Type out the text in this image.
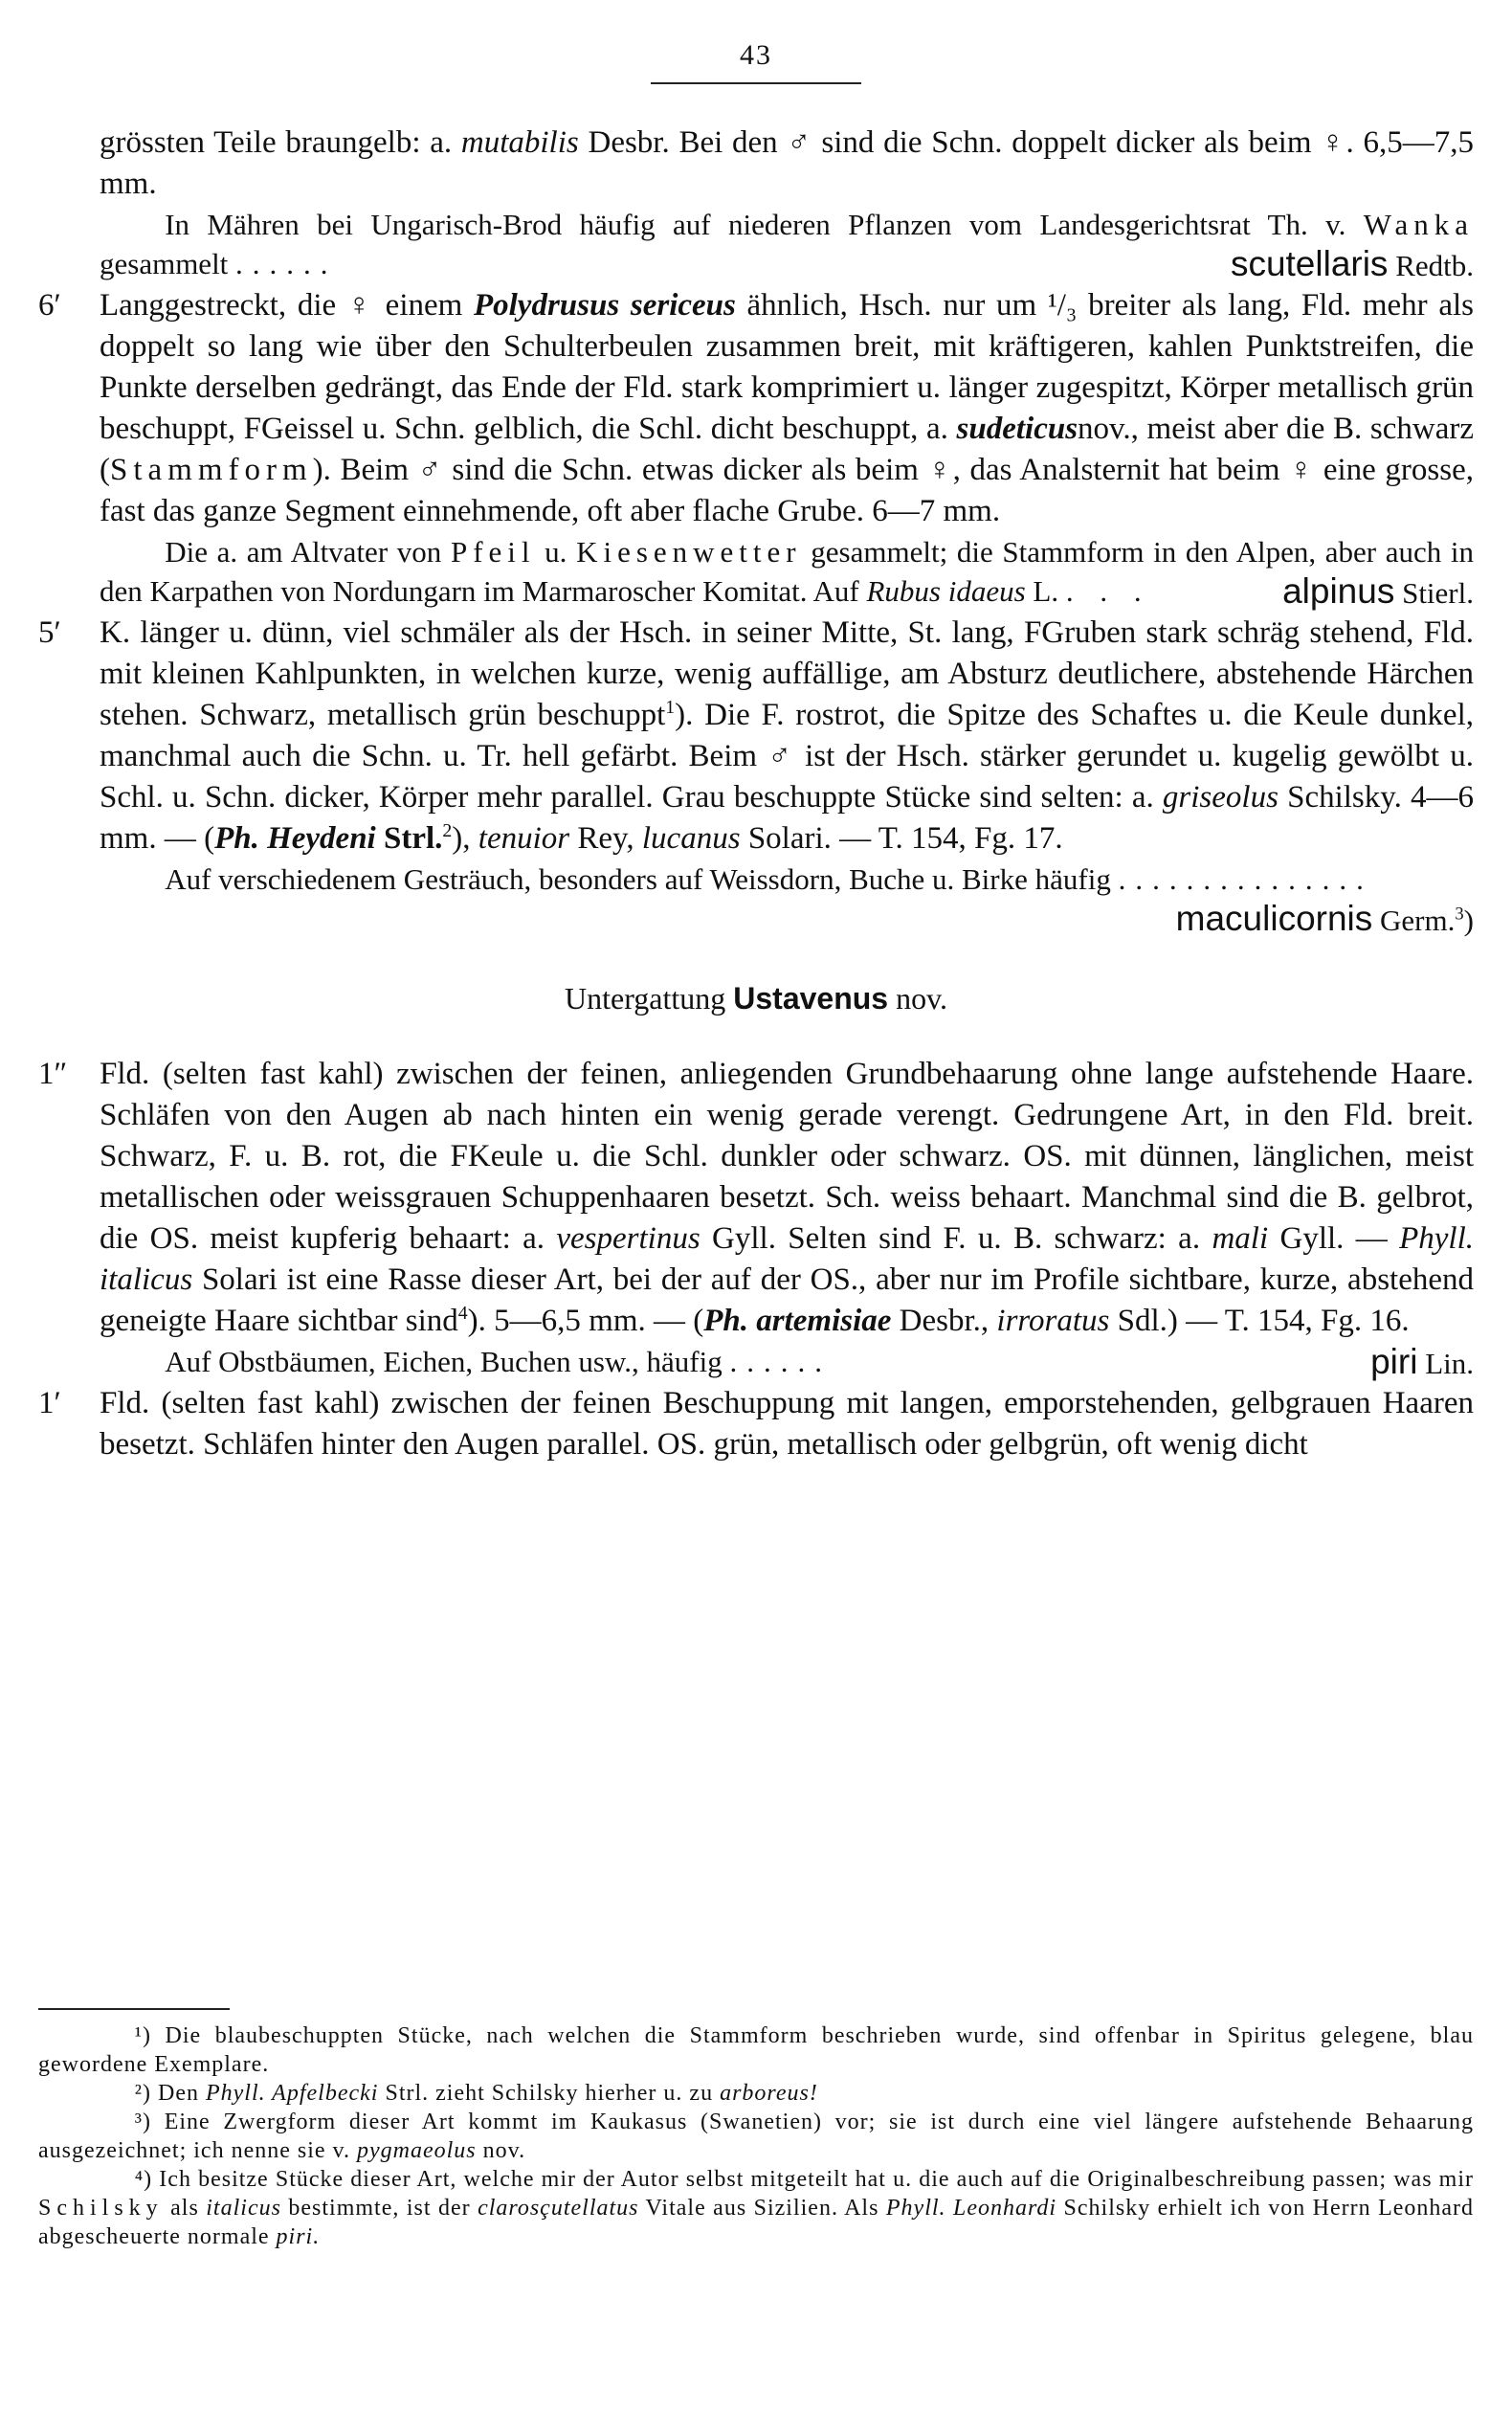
43

grössten Teile braungelb: a. mutabilis Desbr. Bei den ♂ sind die Schn. doppelt dicker als beim ♀. 6,5—7,5 mm.

In Mähren bei Ungarisch-Brod häufig auf niederen Pflanzen vom Landesgerichtsrat Th. v. Wanka gesammelt ......	scutellaris Redtb.

6′	Langgestreckt, die ♀ einem Polydrusus sericeus ähnlich, Hsch. nur um ¹/₃ breiter als lang, Fld. mehr als doppelt so lang wie über den Schulterbeulen zusammen breit, mit kräftigeren, kahlen Punktstreifen, die Punkte derselben gedrängt, das Ende der Fld. stark komprimiert u. länger zugespitzt, Körper metallisch grün beschuppt, FGeissel u. Schn. gelblich, die Schl. dicht beschuppt, a. sudeticusnov., meist aber die B. schwarz (Stammform). Beim ♂ sind die Schn. etwas dicker als beim ♀, das Analsternit hat beim ♀ eine grosse, fast das ganze Segment einnehmende, oft aber flache Grube. 6—7 mm.

Die a. am Altvater von Pfeil u. Kiesenwetter gesammelt; die Stammform in den Alpen, aber auch in den Karpathen von Nordungarn im Marmaroscher Komitat. Auf Rubus idaeus L. . . .	alpinus Stierl.

5′	K. länger u. dünn, viel schmäler als der Hsch. in seiner Mitte, St. lang, FGruben stark schräg stehend, Fld. mit kleinen Kahlpunkten, in welchen kurze, wenig auffällige, am Absturz deutlichere, abstehende Härchen stehen. Schwarz, metallisch grün beschuppt$^1$). Die F. rostrot, die Spitze des Schaftes u. die Keule dunkel, manchmal auch die Schn. u. Tr. hell gefärbt. Beim ♂ ist der Hsch. stärker gerundet u. kugelig gewölbt u. Schl. u. Schn. dicker, Körper mehr parallel. Grau beschuppte Stücke sind selten: a. griseolus Schilsky. 4—6 mm. — (Ph. Heydeni Strl.$^2$), tenuior Rey, lucanus Solari. — T. 154, Fg. 17.

Auf verschiedenem Gesträuch, besonders auf Weissdorn, Buche u. Birke häufig ...............
maculicornis Germ.$^3$)

Untergattung Ustavenus nov.

1″	Fld. (selten fast kahl) zwischen der feinen, anliegenden Grundbehaarung ohne lange aufstehende Haare. Schläfen von den Augen ab nach hinten ein wenig gerade verengt. Gedrungene Art, in den Fld. breit. Schwarz, F. u. B. rot, die FKeule u. die Schl. dunkler oder schwarz. OS. mit dünnen, länglichen, meist metallischen oder weissgrauen Schuppenhaaren besetzt. Sch. weiss behaart. Manchmal sind die B. gelbrot, die OS. meist kupferig behaart: a. vespertinus Gyll. Selten sind F. u. B. schwarz: a. mali Gyll. — Phyll. italicus Solari ist eine Rasse dieser Art, bei der auf der OS., aber nur im Profile sichtbare, kurze, abstehend geneigte Haare sichtbar sind$^4$). 5—6,5 mm. — (Ph. artemisiae Desbr., irroratus Sdl.) — T. 154, Fg. 16.

Auf Obstbäumen, Eichen, Buchen usw., häufig ......	piri Lin.

1′	Fld. (selten fast kahl) zwischen der feinen Beschuppung mit langen, emporstehenden, gelbgrauen Haaren besetzt. Schläfen hinter den Augen parallel. OS. grün, metallisch oder gelbgrün, oft wenig dicht

¹) Die blaubeschuppten Stücke, nach welchen die Stammform beschrieben wurde, sind offenbar in Spiritus gelegene, blau gewordene Exemplare.

²) Den Phyll. Apfelbecki Strl. zieht Schilsky hierher u. zu arboreus!

³) Eine Zwergform dieser Art kommt im Kaukasus (Swanetien) vor; sie ist durch eine viel längere aufstehende Behaarung ausgezeichnet; ich nenne sie v. pygmaeolus nov.

⁴) Ich besitze Stücke dieser Art, welche mir der Autor selbst mitgeteilt hat u. die auch auf die Originalbeschreibung passen; was mir Schilsky als italicus bestimmte, ist der clarosçutellatus Vitale aus Sizilien. Als Phyll. Leonhardi Schilsky erhielt ich von Herrn Leonhard abgescheuerte normale piri.
